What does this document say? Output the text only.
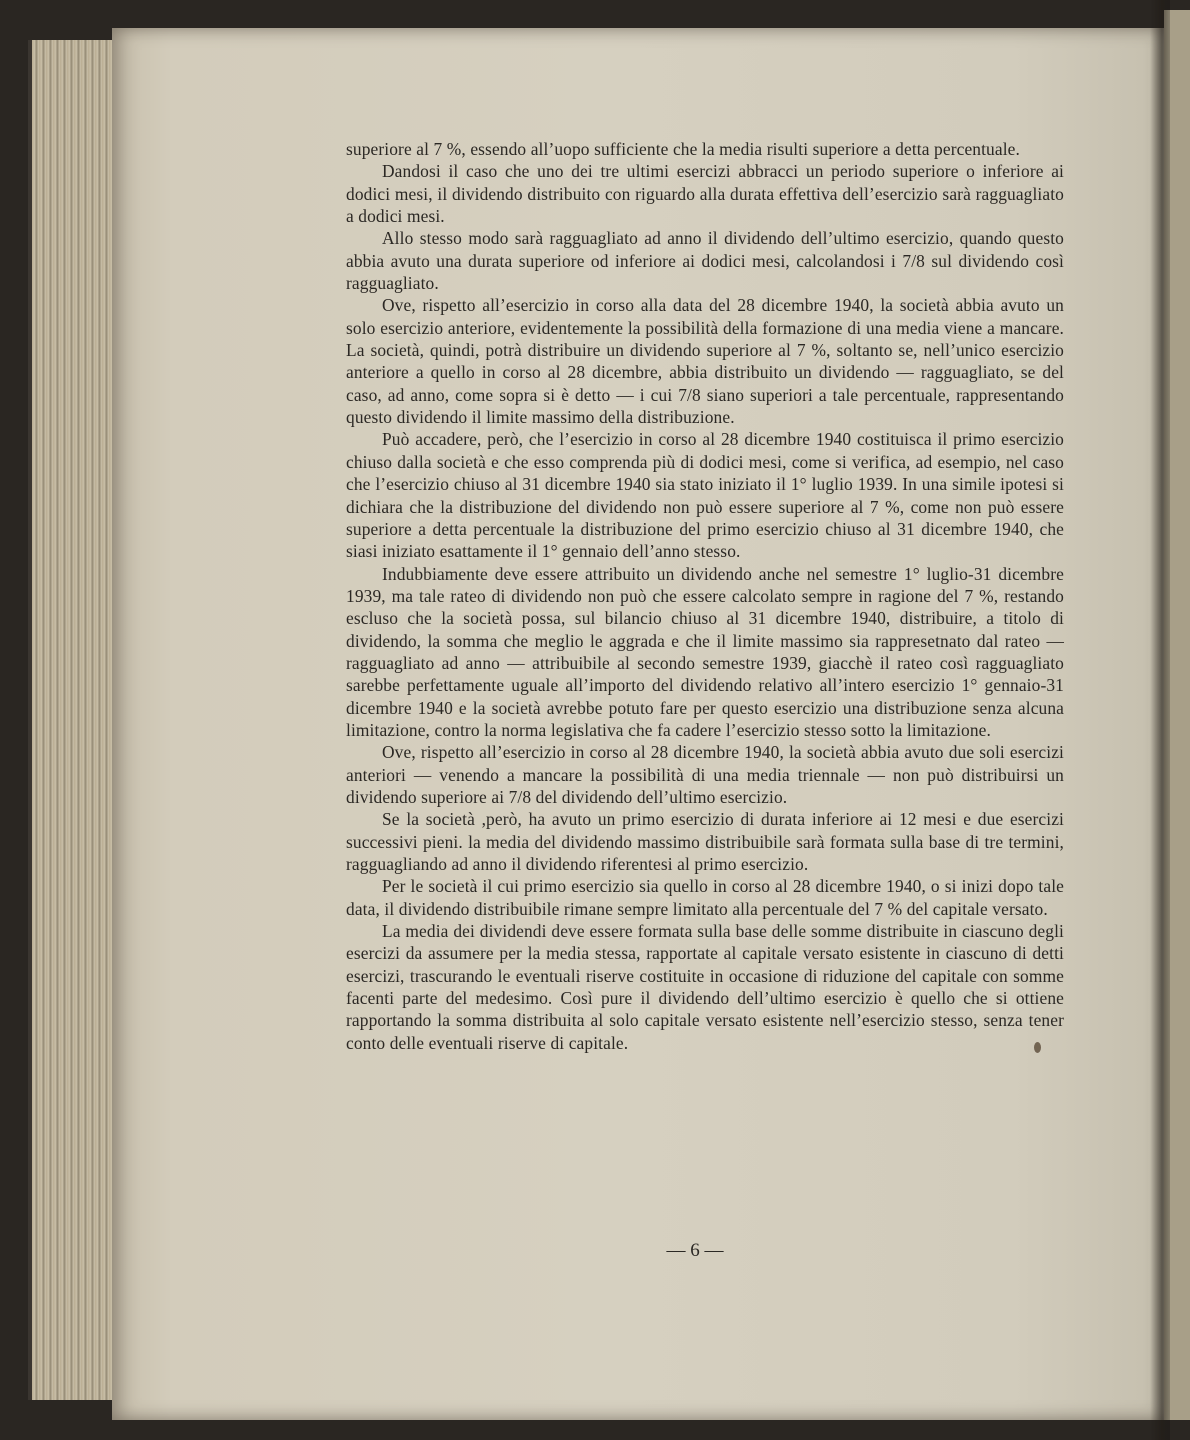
superiore al 7 %, essendo all’uopo sufficiente che la media risulti superiore a detta percentuale.

Dandosi il caso che uno dei tre ultimi esercizi abbracci un periodo superiore o inferiore ai dodici mesi, il dividendo distribuito con riguardo alla durata effettiva dell’esercizio sarà ragguagliato a dodici mesi.

Allo stesso modo sarà ragguagliato ad anno il dividendo dell’ultimo esercizio, quando questo abbia avuto una durata superiore od inferiore ai dodici mesi, calcolandosi i 7/8 sul dividendo così ragguagliato.

Ove, rispetto all’esercizio in corso alla data del 28 dicembre 1940, la società abbia avuto un solo esercizio anteriore, evidentemente la possibilità della formazione di una media viene a mancare. La società, quindi, potrà distribuire un dividendo superiore al 7 %, soltanto se, nell’unico esercizio anteriore a quello in corso al 28 dicembre, abbia distribuito un dividendo — ragguagliato, se del caso, ad anno, come sopra si è detto — i cui 7/8 siano superiori a tale percentuale, rappresentando questo dividendo il limite massimo della distribuzione.

Può accadere, però, che l’esercizio in corso al 28 dicembre 1940 costituisca il primo esercizio chiuso dalla società e che esso comprenda più di dodici mesi, come si verifica, ad esempio, nel caso che l’esercizio chiuso al 31 dicembre 1940 sia stato iniziato il 1° luglio 1939. In una simile ipotesi si dichiara che la distribuzione del dividendo non può essere superiore al 7 %, come non può essere superiore a detta percentuale la distribuzione del primo esercizio chiuso al 31 dicembre 1940, che siasi iniziato esattamente il 1° gennaio dell’anno stesso.

Indubbiamente deve essere attribuito un dividendo anche nel semestre 1° luglio-31 dicembre 1939, ma tale rateo di dividendo non può che essere calcolato sempre in ragione del 7 %, restando escluso che la società possa, sul bilancio chiuso al 31 dicembre 1940, distribuire, a titolo di dividendo, la somma che meglio le aggrada e che il limite massimo sia rappresetnato dal rateo — ragguagliato ad anno — attribuibile al secondo semestre 1939, giacchè il rateo così ragguagliato sarebbe perfettamente uguale all’importo del dividendo relativo all’intero esercizio 1° gennaio-31 dicembre 1940 e la società avrebbe potuto fare per questo esercizio una distribuzione senza alcuna limitazione, contro la norma legislativa che fa cadere l’esercizio stesso sotto la limitazione.

Ove, rispetto all’esercizio in corso al 28 dicembre 1940, la società abbia avuto due soli esercizi anteriori — venendo a mancare la possibilità di una media triennale — non può distribuirsi un dividendo superiore ai 7/8 del dividendo dell’ultimo esercizio.

Se la società ,però, ha avuto un primo esercizio di durata inferiore ai 12 mesi e due esercizi successivi pieni. la media del dividendo massimo distribuibile sarà formata sulla base di tre termini, ragguagliando ad anno il dividendo riferentesi al primo esercizio.

Per le società il cui primo esercizio sia quello in corso al 28 dicembre 1940, o si inizi dopo tale data, il dividendo distribuibile rimane sempre limitato alla percentuale del 7 % del capitale versato.

La media dei dividendi deve essere formata sulla base delle somme distribuite in ciascuno degli esercizi da assumere per la media stessa, rapportate al capitale versato esistente in ciascuno di detti esercizi, trascurando le eventuali riserve costituite in occasione di riduzione del capitale con somme facenti parte del medesimo. Così pure il dividendo dell’ultimo esercizio è quello che si ottiene rapportando la somma distribuita al solo capitale versato esistente nell’esercizio stesso, senza tener conto delle eventuali riserve di capitale.

— 6 —
